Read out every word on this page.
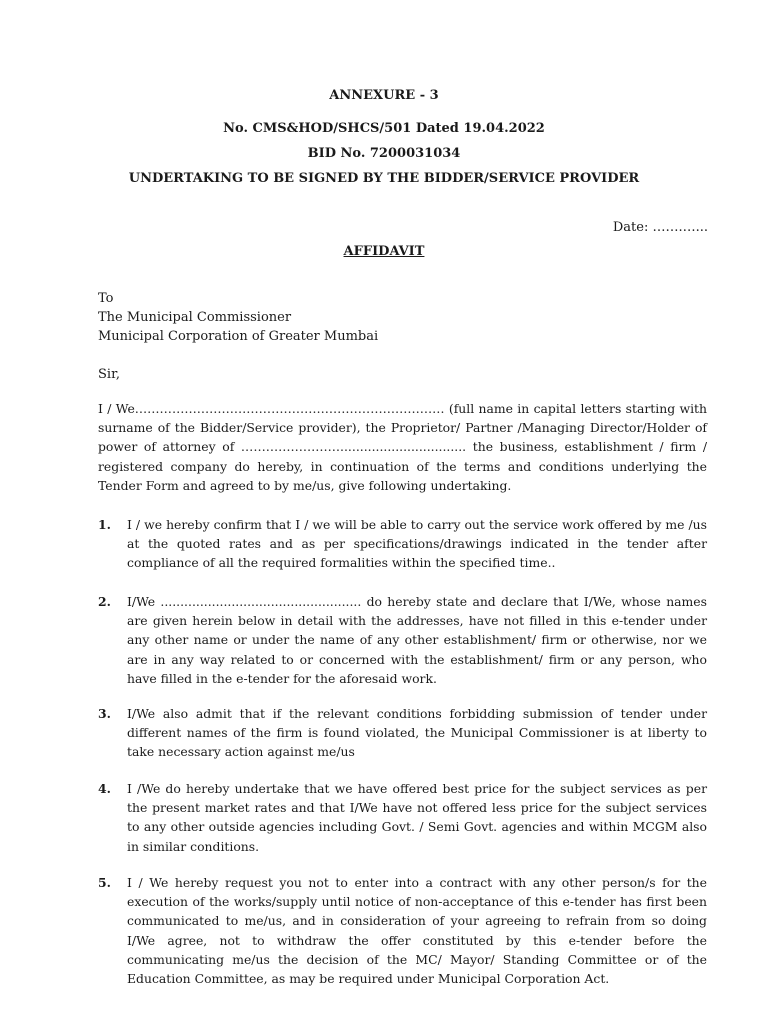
ANNEXURE - 3
No. CMS&HOD/SHCS/501 Dated 19.04.2022
BID No. 7200031034
UNDERTAKING TO BE SIGNED BY THE BIDDER/SERVICE PROVIDER
Date: …….…...
AFFIDAVIT
To
The Municipal Commissioner
Municipal Corporation of Greater Mumbai
Sir,
I / We………………………………………………………………… (full name in capital letters starting with surname of the Bidder/Service provider), the Proprietor/ Partner /Managing Director/Holder of power of attorney of ……………………................................ the business, establishment / firm / registered company do hereby, in continuation of the terms and conditions underlying the Tender Form and agreed to by me/us, give following undertaking.
1. I / we hereby confirm that I / we will be able to carry out the service work offered by me /us at the quoted rates and as per specifications/drawings indicated in the tender after compliance of all the required formalities within the specified time..
2. I/We ................................................... do hereby state and declare that I/We, whose names are given herein below in detail with the addresses, have not filled in this e-tender under any other name or under the name of any other establishment/ firm or otherwise, nor we are in any way related to or concerned with the establishment/ firm or any person, who have filled in the e-tender for the aforesaid work.
3. I/We also admit that if the relevant conditions forbidding submission of tender under different names of the firm is found violated, the Municipal Commissioner is at liberty to take necessary action against me/us
4. I /We do hereby undertake that we have offered best price for the subject services as per the present market rates and that I/We have not offered less price for the subject services to any other outside agencies including Govt. / Semi Govt. agencies and within MCGM also in similar conditions.
5. I / We hereby request you not to enter into a contract with any other person/s for the execution of the works/supply until notice of non-acceptance of this e-tender has first been communicated to me/us, and in consideration of your agreeing to refrain from so doing I/We agree, not to withdraw the offer constituted by this e-tender before the communicating me/us the decision of the MC/ Mayor/ Standing Committee or of the Education Committee, as may be required under Municipal Corporation Act.
